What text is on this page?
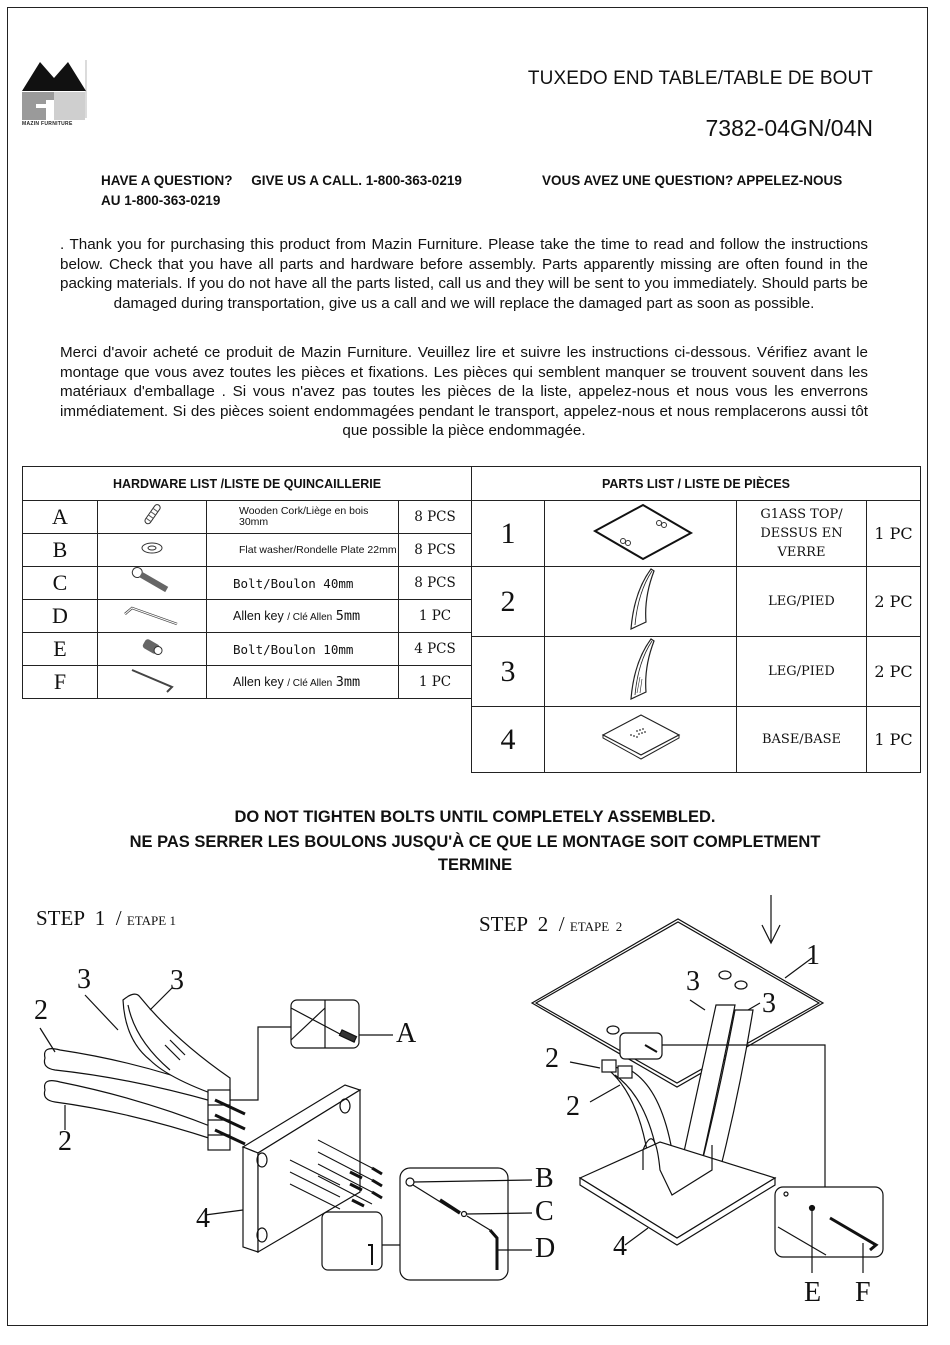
MAZIN FURNITURE
TUXEDO END TABLE/TABLE DE BOUT
7382-04GN/04N
HAVE A QUESTION?     GIVE US A CALL. 1-800-363-0219	VOUS AVEZ UNE QUESTION? APPELEZ-NOUS
AU 1-800-363-0219
. Thank you for purchasing this product from Mazin Furniture. Please take the time to read and follow the instructions below. Check that you have all parts and hardware before assembly. Parts apparently missing are often found in the packing materials. If you do not have all the parts listed, call us and they will be sent to you immediately. Should parts be damaged during transportation, give us a call and we will replace the damaged part as soon as possible.
Merci d'avoir acheté ce produit de Mazin Furniture. Veuillez lire et suivre les instructions ci-dessous. Vérifiez avant le montage que vous avez toutes les pièces et fixations. Les pièces qui semblent manquer se trouvent souvent dans les matériaux d'emballage . Si vous n'avez pas toutes les pièces de la liste, appelez-nous et nous vous les enverrons immédiatement. Si des pièces soient endommagées pendant le transport, appelez-nous et nous remplacerons aussi tôt que possible la pièce endommagée.
HARDWARE LIST /LISTE DE QUINCAILLERIE			
A		Wooden Cork/Liège en bois 30mm	8 PCS
B		Flat washer/Rondelle Plate 22mm	8 PCS
C		Bolt/Boulon 40mm	8 PCS
D		Allen key / Clé Allen 5mm	1 PC
E		Bolt/Boulon 10mm	4 PCS
F		Allen key / Clé Allen 3mm	1 PC
PARTS LIST / LISTE DE PIÈCES			
1		G1ASS TOP/
DESSUS EN VERRE	1 PC
2		LEG/PIED	2 PC
3		LEG/PIED	2 PC
4		BASE/BASE	1 PC
DO NOT TIGHTEN BOLTS UNTIL COMPLETELY ASSEMBLED.
NE PAS SERRER LES BOULONS JUSQU'À CE QUE LE MONTAGE SOIT COMPLETMENT TERMINE
STEP  1  / ETAPE 1
3	3
2
2
4
A
B
C
D
STEP  2  / ETAPE  2
1
3
3
2
2
4
E F
